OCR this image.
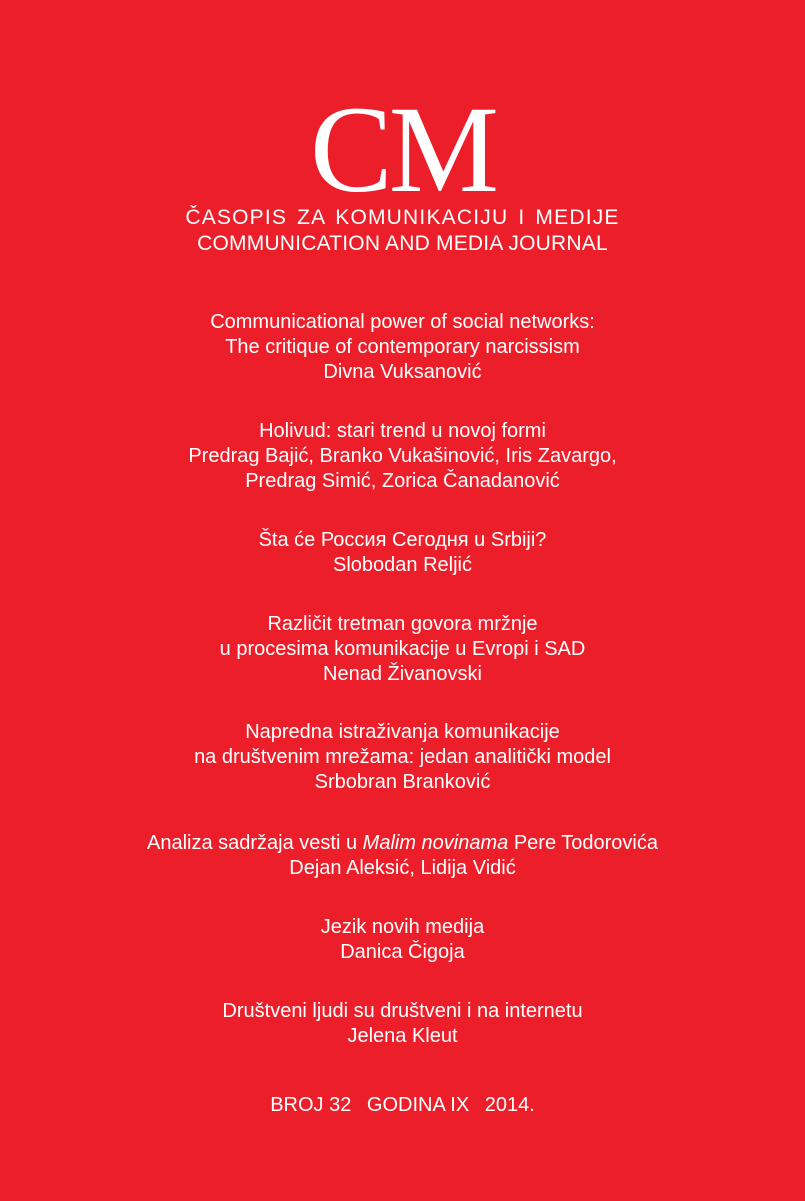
CM
ČASOPIS ZA KOMUNIKACIJU I MEDIJE
COMMUNICATION AND MEDIA JOURNAL
Communicational power of social networks:
The critique of contemporary narcissism
Divna Vuksanović
Holivud: stari trend u novoj formi
Predrag Bajić, Branko Vukašinović, Iris Zavargo,
Predrag Simić, Zorica Čanadanović
Šta će Россия Сегодня u Srbiji?
Slobodan Reljić
Različit tretman govora mržnje
u procesima komunikacije u Evropi i SAD
Nenad Živanovski
Napredna istraživanja komunikacije
na društvenim mrežama: jedan analitički model
Srbobran Branković
Analiza sadržaja vesti u Malim novinama Pere Todorovića
Dejan Aleksić, Lidija Vidić
Jezik novih medija
Danica Čigoja
Društveni ljudi su društveni i na internetu
Jelena Kleut
BROJ 32 GODINA IX 2014.
